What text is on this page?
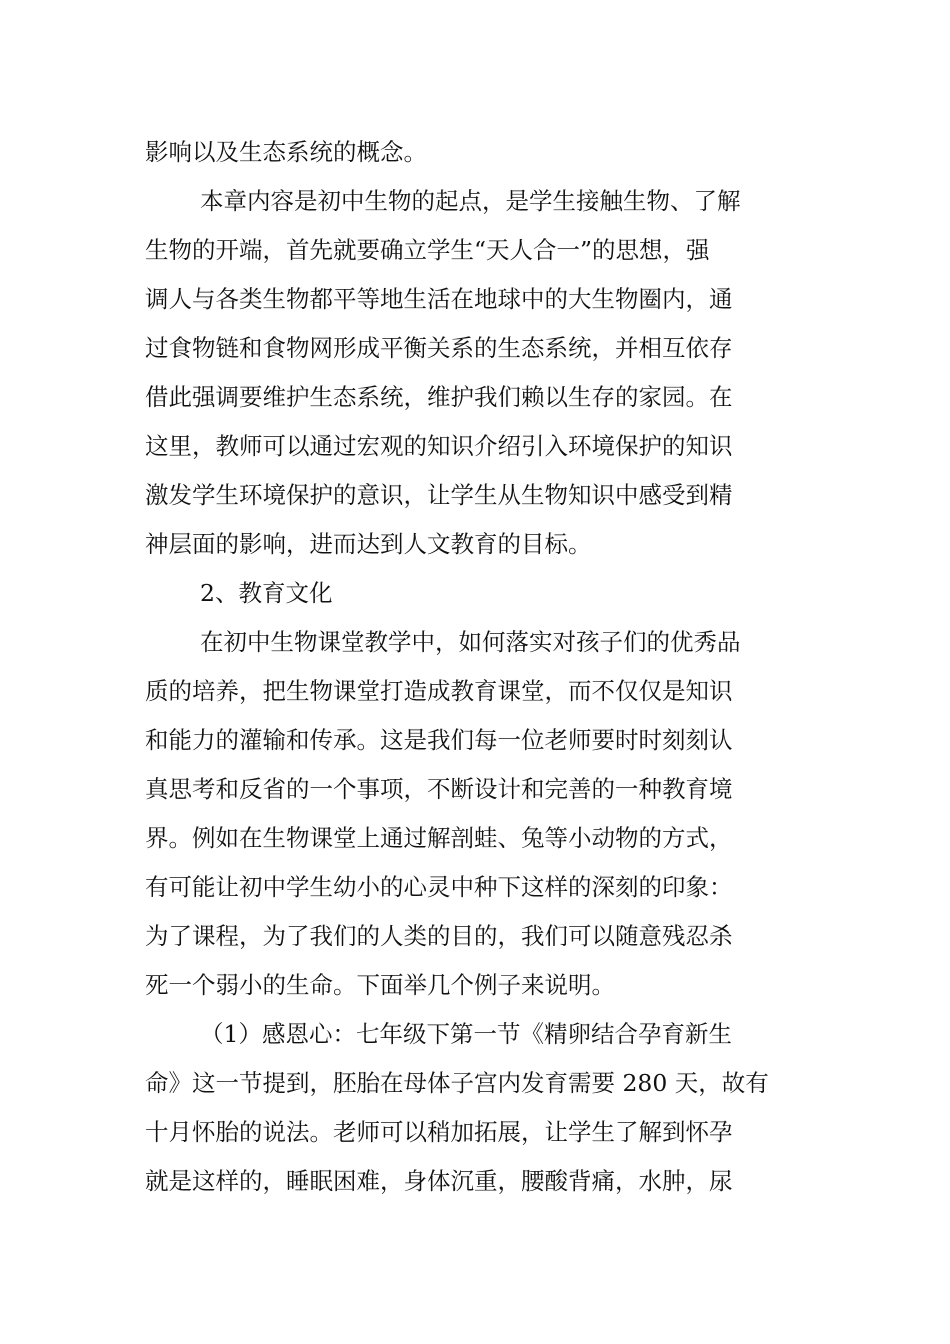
影响以及生态系统的概念。
本章内容是初中生物的起点，是学生接触生物、了解
生物的开端，首先就要确立学生“天人合一”的思想，强
调人与各类生物都平等地生活在地球中的大生物圈内，通
过食物链和食物网形成平衡关系的生态系统，并相互依存
借此强调要维护生态系统，维护我们赖以生存的家园。在
这里，教师可以通过宏观的知识介绍引入环境保护的知识
激发学生环境保护的意识，让学生从生物知识中感受到精
神层面的影响，进而达到人文教育的目标。
2、教育文化
在初中生物课堂教学中，如何落实对孩子们的优秀品
质的培养，把生物课堂打造成教育课堂，而不仅仅是知识
和能力的灌输和传承。这是我们每一位老师要时时刻刻认
真思考和反省的一个事项，不断设计和完善的一种教育境
界。例如在生物课堂上通过解剖蛙、兔等小动物的方式，
有可能让初中学生幼小的心灵中种下这样的深刻的印象：
为了课程，为了我们的人类的目的，我们可以随意残忍杀
死一个弱小的生命。下面举几个例子来说明。
（1）感恩心：七年级下第一节《精卵结合孕育新生
命》这一节提到，胚胎在母体子宫内发育需要 280 天，故有
十月怀胎的说法。老师可以稍加拓展，让学生了解到怀孕
就是这样的，睡眠困难，身体沉重，腰酸背痛，水肿，尿
